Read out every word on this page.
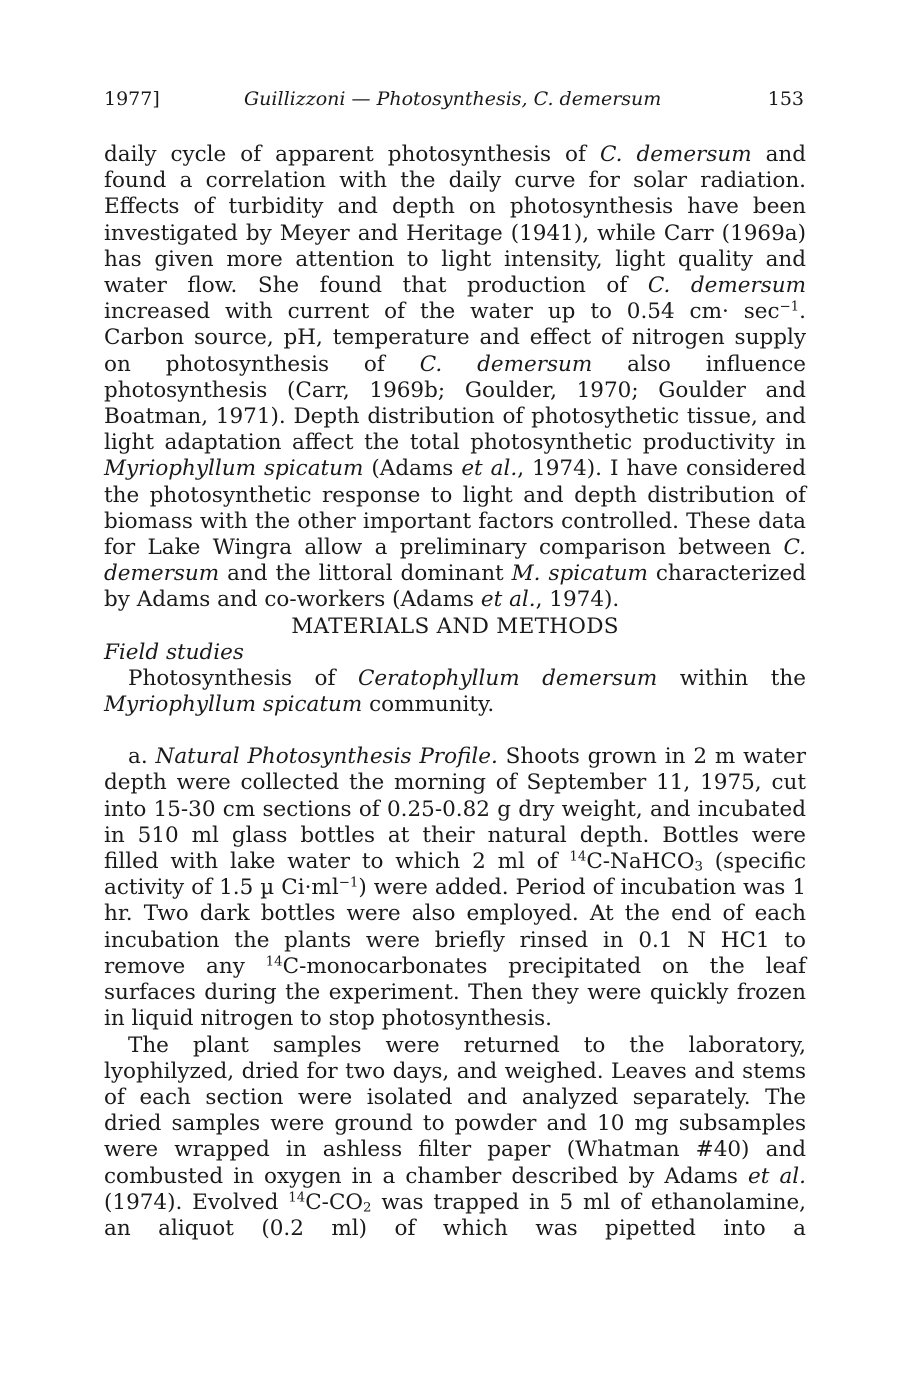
1977]	Guillizzoni — Photosynthesis, C. demersum	153

daily cycle of apparent photosynthesis of C. demersum and found a correlation with the daily curve for solar radiation. Effects of turbidity and depth on photosynthesis have been investigated by Meyer and Heritage (1941), while Carr (1969a) has given more attention to light intensity, light quality and water flow. She found that production of C. demersum increased with current of the water up to 0.54 $cm\cdot \sec^{-1}$. Carbon source, pH, temperature and effect of nitrogen supply on photosynthesis of C. demersum also influence photosynthesis (Carr, 1969b; Goulder, 1970; Goulder and Boatman, 1971). Depth distribution of photosythetic tissue, and light adaptation affect the total photosynthetic productivity in Myriophyllum spicatum (Adams et al., 1974). I have considered the photosynthetic response to light and depth distribution of biomass with the other important factors controlled. These data for Lake Wingra allow a preliminary comparison between C. demersum and the littoral dominant M. spicatum characterized by Adams and co-workers (Adams et al., 1974).

MATERIALS AND METHODS

Field studies

Photosynthesis of Ceratophyllum demersum within the Myriophyllum spicatum community.

a. Natural Photosynthesis Profile. Shoots grown in 2 m water depth were collected the morning of September 11, 1975, cut into 15-30 cm sections of 0.25-0.82 g dry weight, and incubated in 510 ml glass bottles at their natural depth. Bottles were filled with lake water to which 2 ml of $^{14}$C-NaHCO$_3$ (specific activity of 1.5 µ $Ci\cdot ml^{-1}$) were added. Period of incubation was 1 hr. Two dark bottles were also employed. At the end of each incubation the plants were briefly rinsed in 0.1 N HC1 to remove any $^{14}$C-monocarbonates precipitated on the leaf surfaces during the experiment. Then they were quickly frozen in liquid nitrogen to stop photosynthesis.

The plant samples were returned to the laboratory, lyophilyzed, dried for two days, and weighed. Leaves and stems of each section were isolated and analyzed separately. The dried samples were ground to powder and 10 mg subsamples were wrapped in ashless filter paper (Whatman #40) and combusted in oxygen in a chamber described by Adams et al. (1974). Evolved $^{14}C-CO_2$ was trapped in 5 ml of ethanolamine, an aliquot (0.2 ml) of which was pipetted into a
